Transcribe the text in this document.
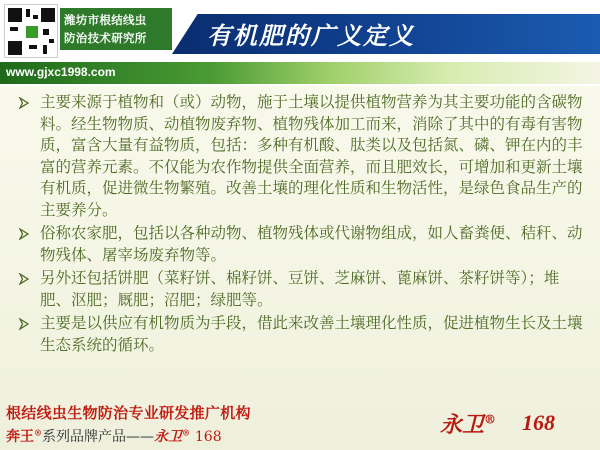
潍坊市根结线虫
防治技术研究所	有机肥的广义定义
www.gjxc1998.com
主要来源于植物和（或）动物，施于土壤以提供植物营养为其主要功能的含碳物料。经生物物质、动植物废弃物、植物残体加工而来，消除了其中的有毒有害物质，富含大量有益物质，包括：多种有机酸、肽类以及包括氮、磷、钾在内的丰富的营养元素。不仅能为农作物提供全面营养，而且肥效长，可增加和更新土壤有机质，促进微生物繁殖。改善土壤的理化性质和生物活性，是绿色食品生产的主要养分。
俗称农家肥，包括以各种动物、植物残体或代谢物组成，如人畜粪便、秸秆、动物残体、屠宰场废弃物等。
另外还包括饼肥（菜籽饼、棉籽饼、豆饼、芝麻饼、蓖麻饼、茶籽饼等）；堆肥、沤肥；厩肥；沼肥；绿肥等。
主要是以供应有机物质为手段，借此来改善土壤理化性质，促进植物生长及土壤生态系统的循环。
根结线虫生物防治专业研发推广机构
奔王®系列品牌产品——永卫® 168	永卫® 168
